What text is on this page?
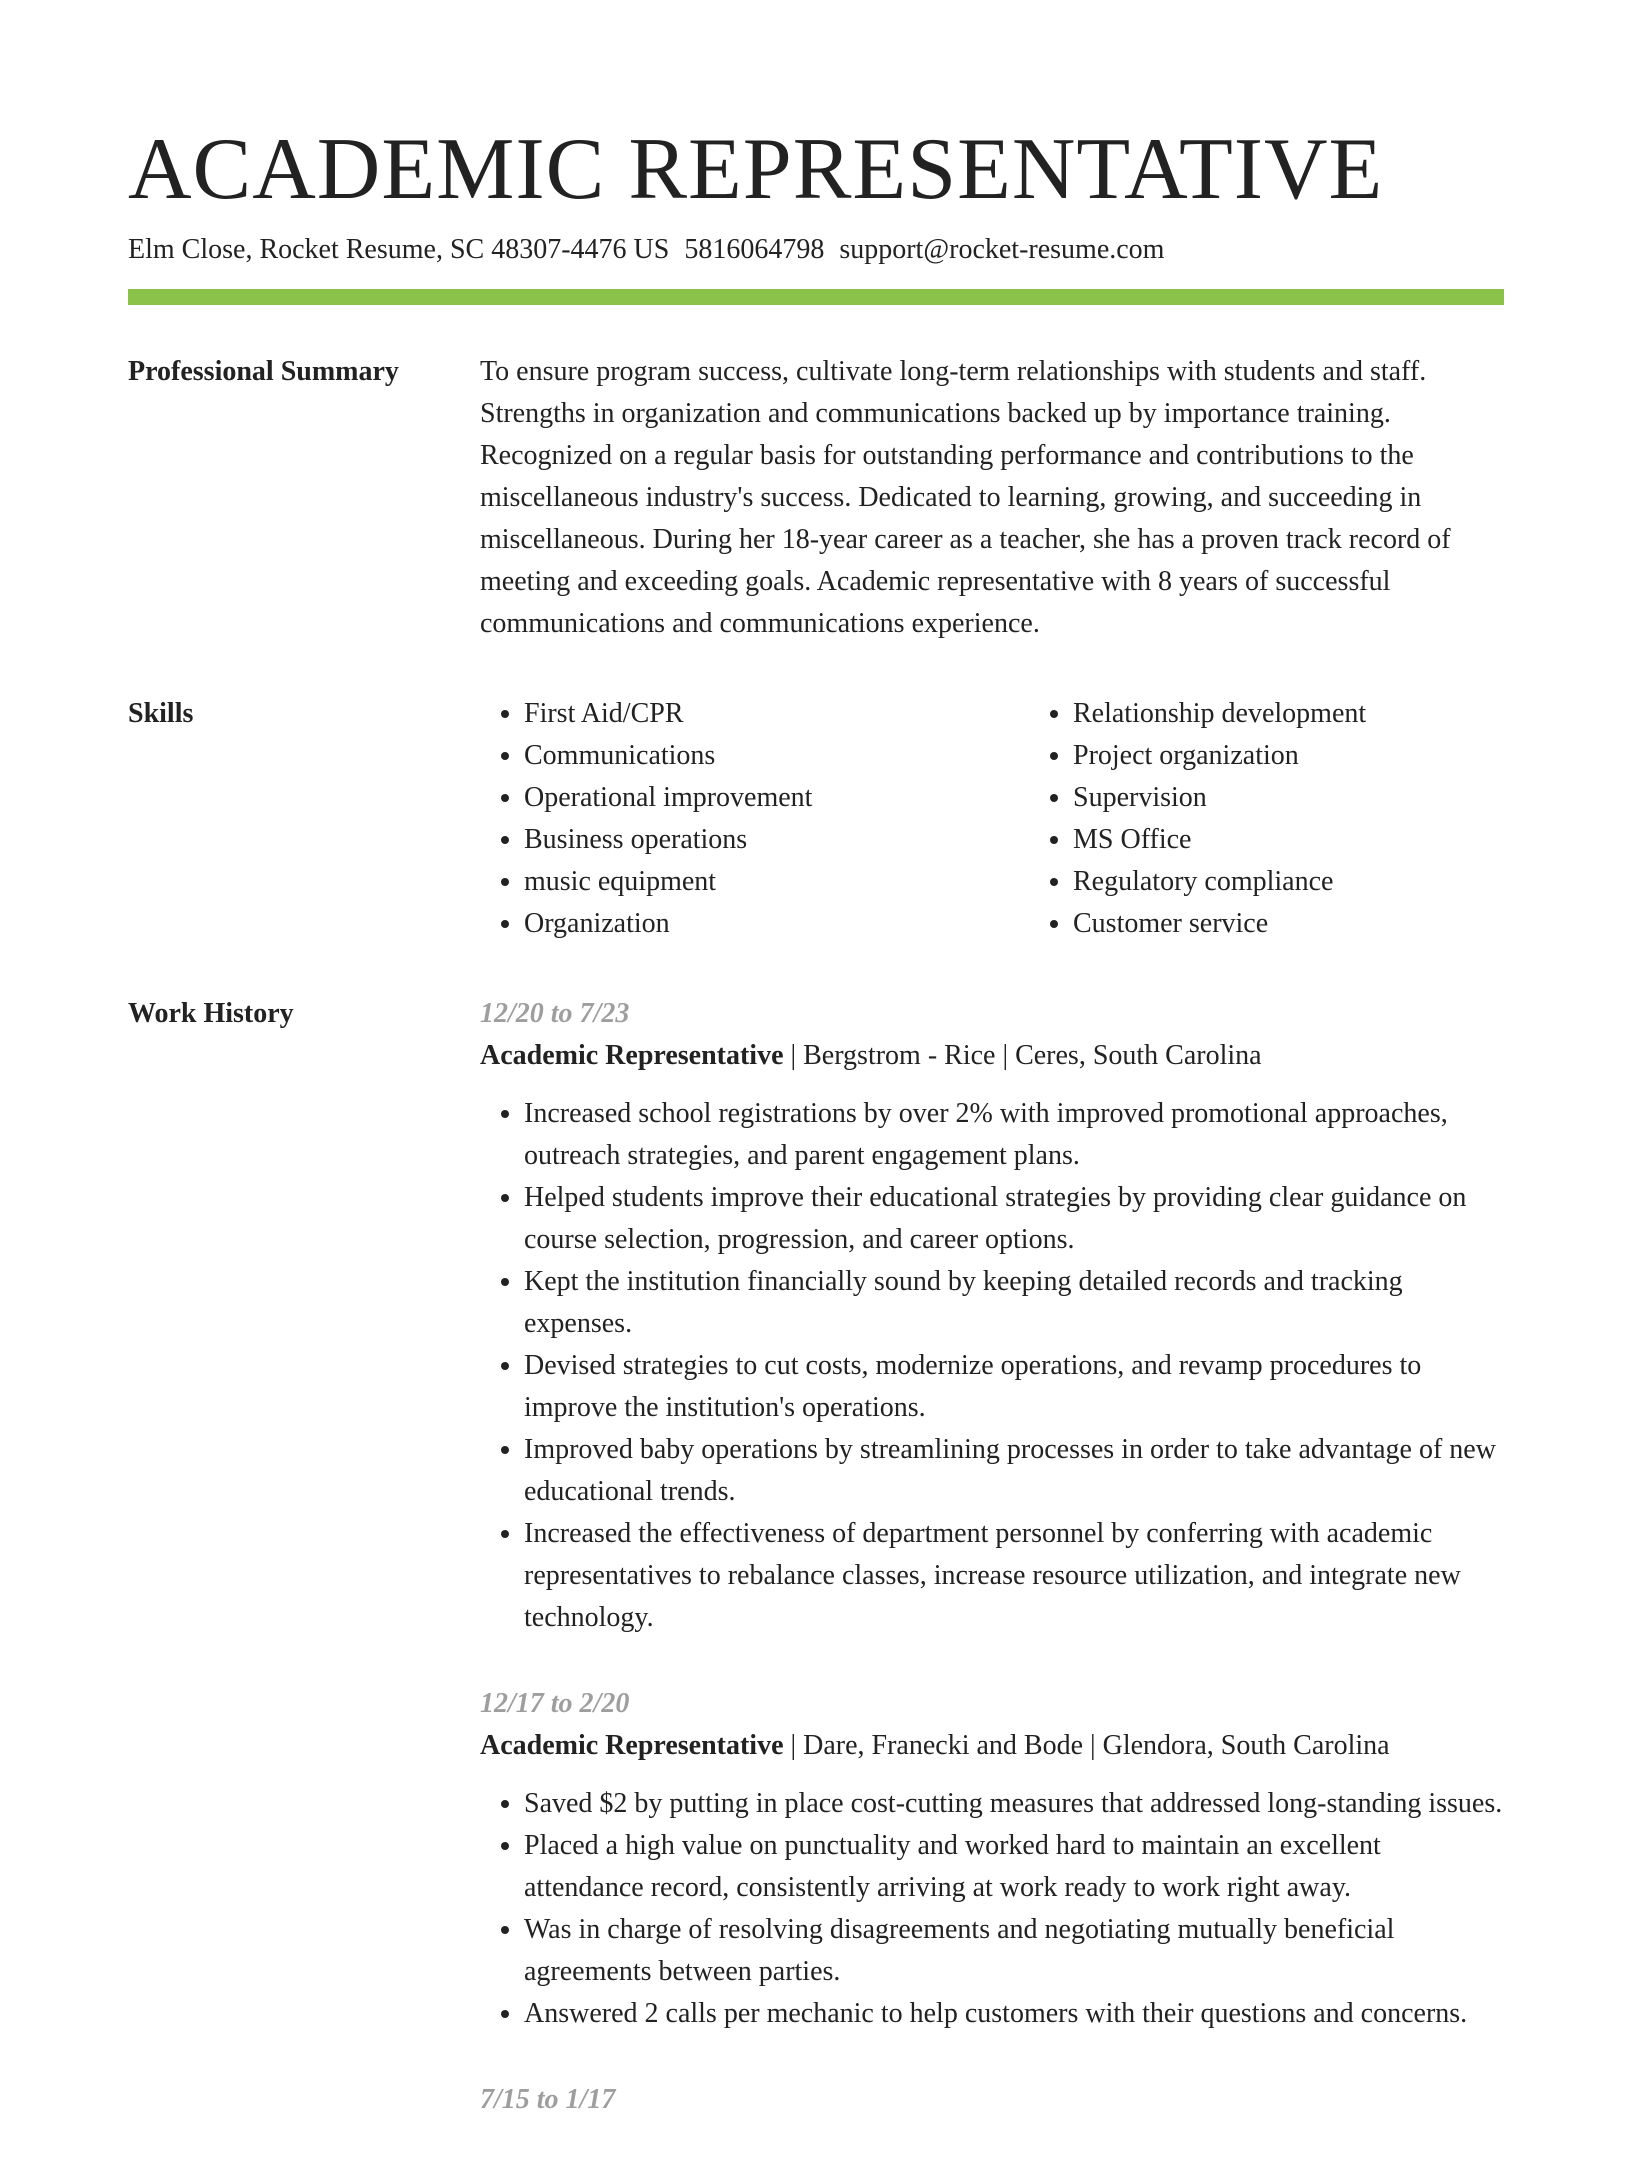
ACADEMIC REPRESENTATIVE
Elm Close, Rocket Resume, SC 48307-4476 US 5816064798 support@rocket-resume.com
Professional Summary	To ensure program success, cultivate long-term relationships with students and staff. Strengths in organization and communications backed up by importance training. Recognized on a regular basis for outstanding performance and contributions to the miscellaneous industry's success. Dedicated to learning, growing, and succeeding in miscellaneous. During her 18-year career as a teacher, she has a proven track record of meeting and exceeding goals. Academic representative with 8 years of successful communications and communications experience.

Skills
•	First Aid/CPR
• Communications
• Operational improvement
• Business operations
• music equipment
• Organization
• Relationship development
• Project organization
• Supervision
• MS Office
• Regulatory compliance
• Customer service
Work History	12/20 to 7/23
Academic Representative | Bergstrom - Rice | Ceres, South Carolina
• Increased school registrations by over 2% with improved promotional approaches, outreach strategies, and parent engagement plans.
• Helped students improve their educational strategies by providing clear guidance on course selection, progression, and career options.
• Kept the institution financially sound by keeping detailed records and tracking expenses.
• Devised strategies to cut costs, modernize operations, and revamp procedures to improve the institution's operations.
• Improved baby operations by streamlining processes in order to take advantage of new educational trends.
• Increased the effectiveness of department personnel by conferring with academic representatives to rebalance classes, increase resource utilization, and integrate new technology.
12/17 to 2/20
Academic Representative | Dare, Franecki and Bode | Glendora, South Carolina
• Saved $2 by putting in place cost-cutting measures that addressed long-standing issues.
• Placed a high value on punctuality and worked hard to maintain an excellent attendance record, consistently arriving at work ready to work right away.
• Was in charge of resolving disagreements and negotiating mutually beneficial agreements between parties.
• Answered 2 calls per mechanic to help customers with their questions and concerns.
7/15 to 1/17
